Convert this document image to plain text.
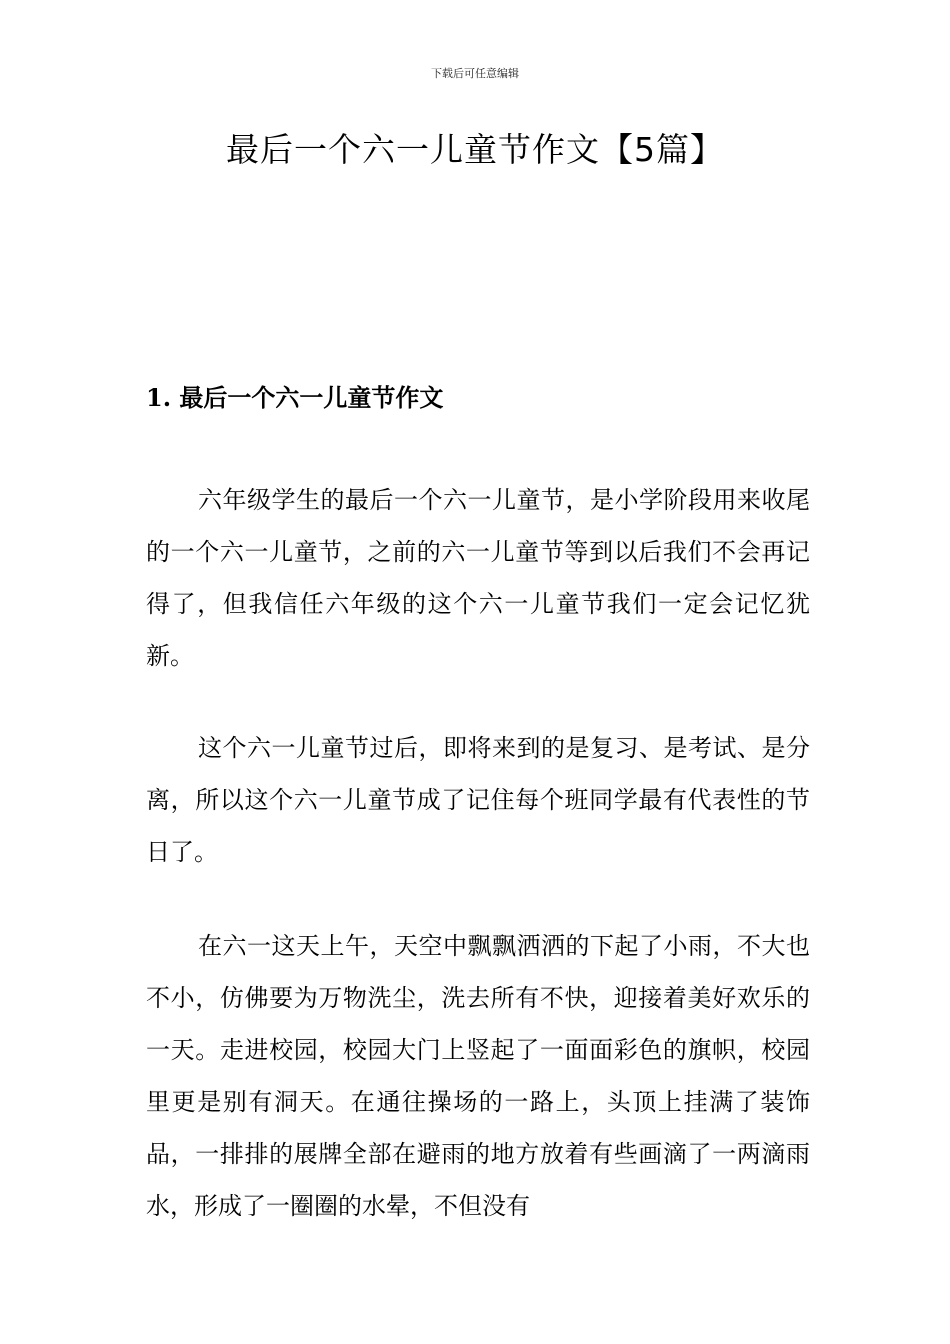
下载后可任意编辑
最后一个六一儿童节作文【5篇】
1. 最后一个六一儿童节作文

六年级学生的最后一个六一儿童节，是小学阶段用来收尾的一个六一儿童节，之前的六一儿童节等到以后我们不会再记得了，但我信任六年级的这个六一儿童节我们一定会记忆犹新。

这个六一儿童节过后，即将来到的是复习、是考试、是分离，所以这个六一儿童节成了记住每个班同学最有代表性的节日了。

在六一这天上午，天空中飘飘洒洒的下起了小雨，不大也不小，仿佛要为万物洗尘，洗去所有不快，迎接着美好欢乐的一天。走进校园，校园大门上竖起了一面面彩色的旗帜，校园里更是别有洞天。在通往操场的一路上，头顶上挂满了装饰品，一排排的展牌全部在避雨的地方放着有些画滴了一两滴雨水，形成了一圈圈的水晕，不但没有
